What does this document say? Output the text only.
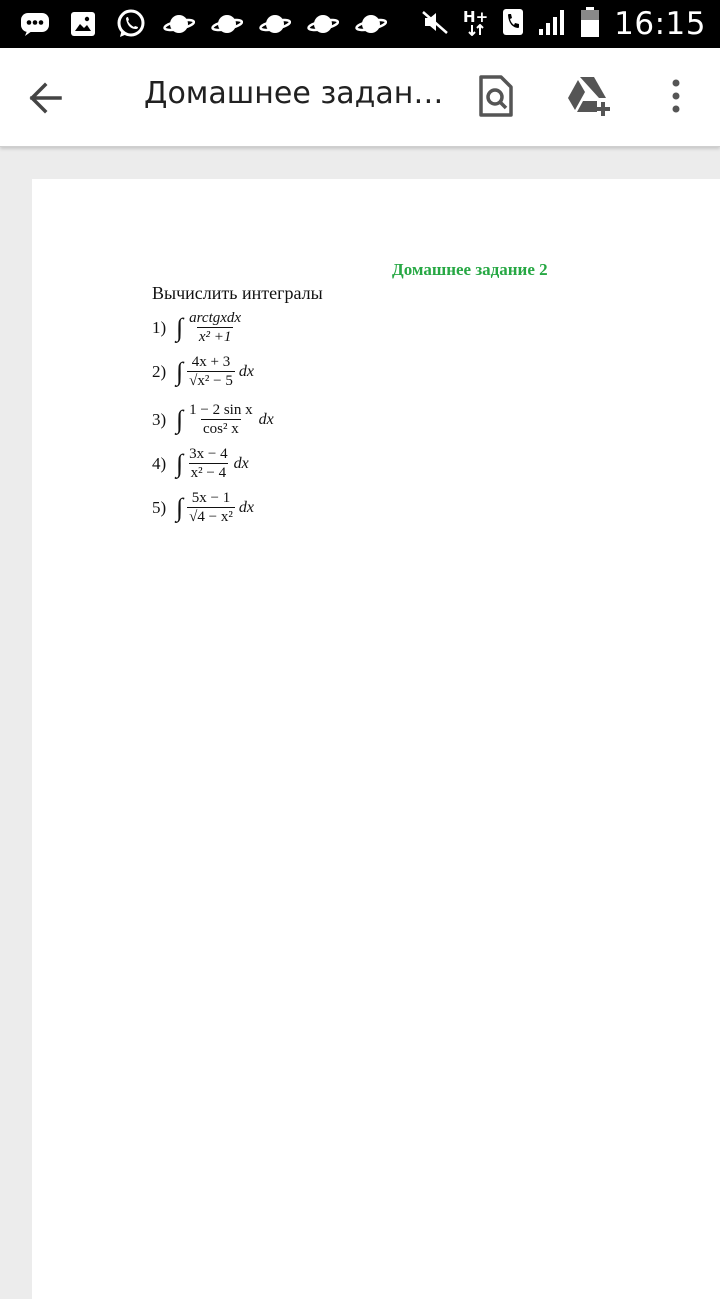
H+	16:15
Домашнее задан…
Домашнее задание 2
Вычислить интегралы
1) ∫ $\frac{\text{arctgxdx}}{\text{x² +1}}$
2) ∫ $\frac{4x + 3}{\text{√x² − 5}}$ dx
3) ∫ $\frac{\text{1 − 2 sin x}}{\text{cos² x}}$ dx
4) ∫ $\frac{3x - 4}{\text{x² − 4}}$ dx
5) ∫ $\frac{5x - 1}{\text{√4 − x²}}$ dx
